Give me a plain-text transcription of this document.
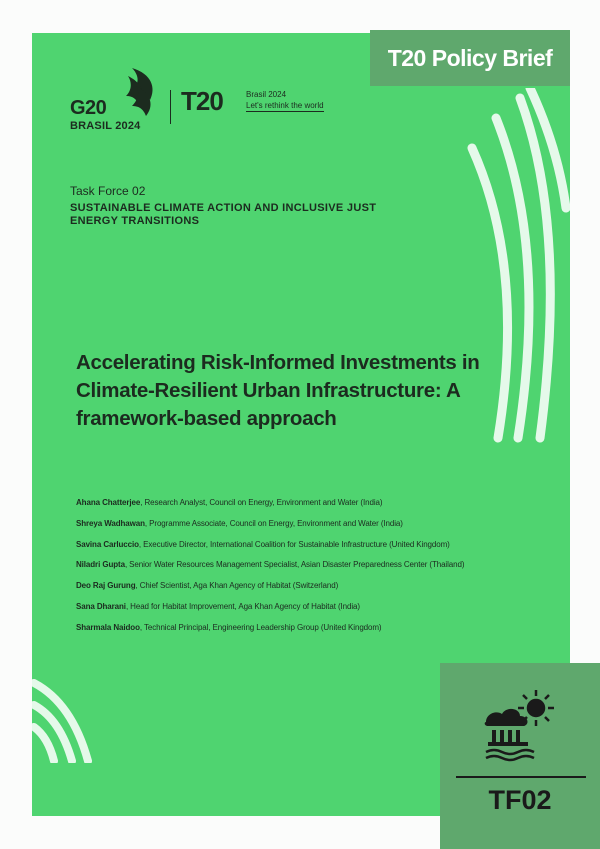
T20 Policy Brief
G20
BRASIL 2024
T20	Brasil 2024
Let's rethink the world
Task Force 02
SUSTAINABLE CLIMATE ACTION AND INCLUSIVE JUST ENERGY TRANSITIONS
Accelerating Risk-Informed Investments in Climate-Resilient Urban Infrastructure: A framework-based approach
Ahana Chatterjee, Research Analyst, Council on Energy, Environment and Water (India)
Shreya Wadhawan, Programme Associate, Council on Energy, Environment and Water (India)
Savina Carluccio, Executive Director, International Coalition for Sustainable Infrastructure (United Kingdom)
Niladri Gupta, Senior Water Resources Management Specialist, Asian Disaster Preparedness Center (Thailand)
Deo Raj Gurung, Chief Scientist, Aga Khan Agency of Habitat (Switzerland)
Sana Dharani, Head for Habitat Improvement, Aga Khan Agency of Habitat (India)
Sharmala Naidoo, Technical Principal, Engineering Leadership Group (United Kingdom)
TF02
